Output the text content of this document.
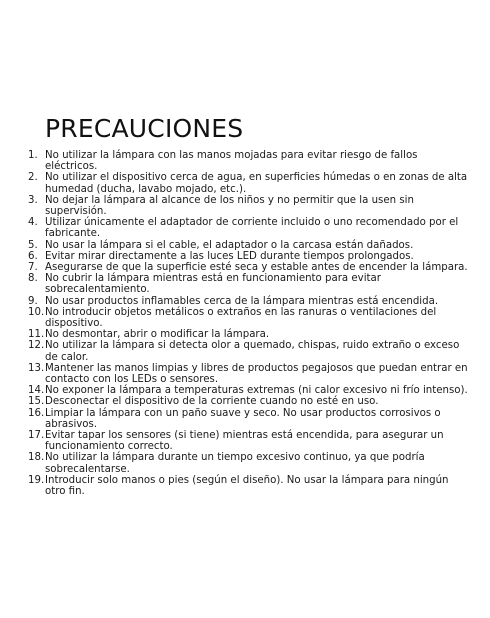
PRECAUCIONES
1. No utilizar la lámpara con las manos mojadas para evitar riesgo de fallos eléctricos.
2. No utilizar el dispositivo cerca de agua, en superficies húmedas o en zonas de alta humedad (ducha, lavabo mojado, etc.).
3. No dejar la lámpara al alcance de los niños y no permitir que la usen sin supervisión.
4. Utilizar únicamente el adaptador de corriente incluido o uno recomendado por el fabricante.
5. No usar la lámpara si el cable, el adaptador o la carcasa están dañados.
6. Evitar mirar directamente a las luces LED durante tiempos prolongados.
7. Asegurarse de que la superficie esté seca y estable antes de encender la lámpara.
8. No cubrir la lámpara mientras está en funcionamiento para evitar sobrecalentamiento.
9. No usar productos inflamables cerca de la lámpara mientras está encendida.
10. No introducir objetos metálicos o extraños en las ranuras o ventilaciones del dispositivo.
11. No desmontar, abrir o modificar la lámpara.
12. No utilizar la lámpara si detecta olor a quemado, chispas, ruido extraño o exceso de calor.
13. Mantener las manos limpias y libres de productos pegajosos que puedan entrar en contacto con los LEDs o sensores.
14. No exponer la lámpara a temperaturas extremas (ni calor excesivo ni frío intenso).
15. Desconectar el dispositivo de la corriente cuando no esté en uso.
16. Limpiar la lámpara con un paño suave y seco. No usar productos corrosivos o abrasivos.
17. Evitar tapar los sensores (si tiene) mientras está encendida, para asegurar un funcionamiento correcto.
18. No utilizar la lámpara durante un tiempo excesivo continuo, ya que podría sobrecalentarse.
19. Introducir solo manos o pies (según el diseño). No usar la lámpara para ningún otro fin.
